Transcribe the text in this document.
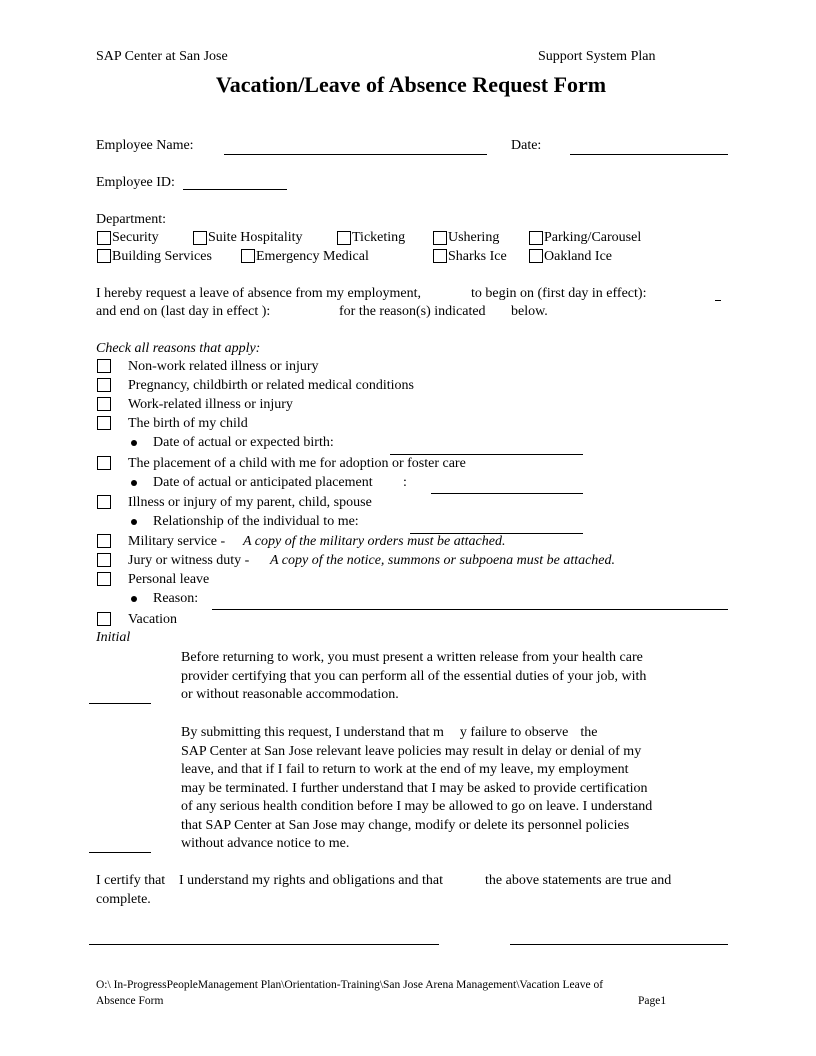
SAP Center at San Jose	Support System Plan
Vacation/Leave of Absence Request Form
Employee Name:	Date:
Employee ID:
Department:
Security	Suite Hospitality	Ticketing	Ushering	Parking/Carousel
Building Services	Emergency Medical	Sharks Ice	Oakland Ice
I hereby request a leave of absence from my employment,	to begin on (first day in effect):
and end on (last day in effect ):	for the reason(s) indicated below.
Check all reasons that apply:
Non-work related illness or injury
Pregnancy, childbirth or related medical conditions
Work-related illness or injury
The birth of my child
Date of actual or expected birth:
The placement of a child with me for adoption or foster care
Date of actual or anticipated placement :
Illness or injury of my parent, child, spouse
Relationship of the individual to me:
Military service - A copy of the military orders must be attached.
Jury or witness duty - A copy of the notice, summons or subpoena must be attached.
Personal leave
Reason:
Vacation
Initial

Before returning to work, you must present a written release from your health care

provider certifying that you can perform all of the essential duties of your job, with

or without reasonable accommodation.

By submitting this request, I understand that m y failure to observe the

SAP Center at San Jose relevant leave policies may result in delay or denial of my

leave, and that if I fail to return to work at the end of my leave, my employment

may be terminated. I further understand that I may be asked to provide certification

of any serious health condition before I may be allowed to go on leave. I understand

that SAP Center at San Jose may change, modify or delete its personnel policies

without advance notice to me.

I certify that I understand my rights and obligations and that	the above statements are true and
complete.
O:\ In-ProgressPeopleManagement Plan\Orientation-Training\San Jose Arena Management\Vacation Leave of
Absence Form	Page1
